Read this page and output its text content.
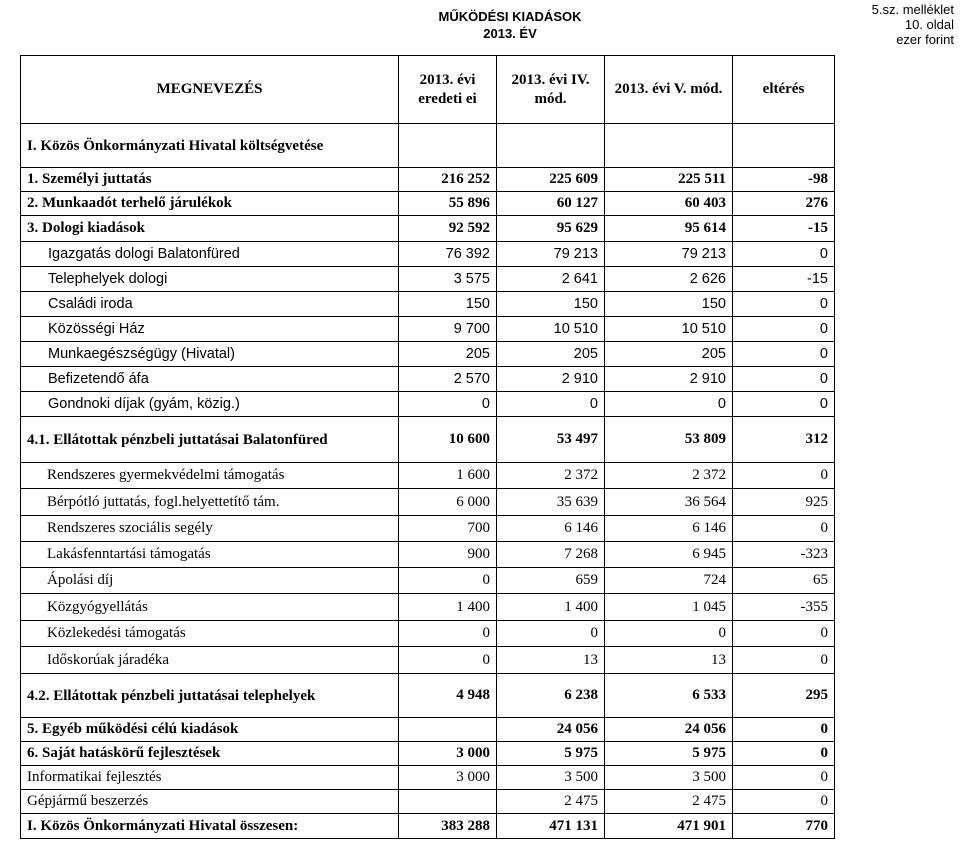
MŰKÖDÉSI KIADÁSOK
2013. ÉV
5.sz. melléklet
10. oldal
ezer forint
MEGNEVEZÉS	2013. évi eredeti ei	2013. évi IV. mód.	2013. évi V. mód.	eltérés
I. Közös Önkormányzati Hivatal költségvetése				
1. Személyi juttatás	216 252	225 609	225 511	-98
2. Munkaadót terhelő járulékok	55 896	60 127	60 403	276
3. Dologi kiadások	92 592	95 629	95 614	-15
Igazgatás dologi Balatonfüred	76 392	79 213	79 213	0
Telephelyek dologi	3 575	2 641	2 626	-15
Családi iroda	150	150	150	0
Közösségi Ház	9 700	10 510	10 510	0
Munkaegészségügy (Hivatal)	205	205	205	0
Befizetendő áfa	2 570	2 910	2 910	0
Gondnoki díjak (gyám, közig.)	0	0	0	0
4.1. Ellátottak pénzbeli juttatásai Balatonfüred	10 600	53 497	53 809	312
Rendszeres gyermekvédelmi támogatás	1 600	2 372	2 372	0
Bérpótló juttatás, fogl.helyettetítő tám.	6 000	35 639	36 564	925
Rendszeres szociális segély	700	6 146	6 146	0
Lakásfenntartási támogatás	900	7 268	6 945	-323
Ápolási díj	0	659	724	65
Közgyógyellátás	1 400	1 400	1 045	-355
Közlekedési támogatás	0	0	0	0
Időskorúak járadéka	0	13	13	0
4.2. Ellátottak pénzbeli juttatásai telephelyek	4 948	6 238	6 533	295
5. Egyéb működési célú kiadások		24 056	24 056	0
6. Saját hatáskörű fejlesztések	3 000	5 975	5 975	0
Informatikai fejlesztés	3 000	3 500	3 500	0
Gépjármű beszerzés		2 475	2 475	0
I. Közös Önkormányzati Hivatal összesen:	383 288	471 131	471 901	770
